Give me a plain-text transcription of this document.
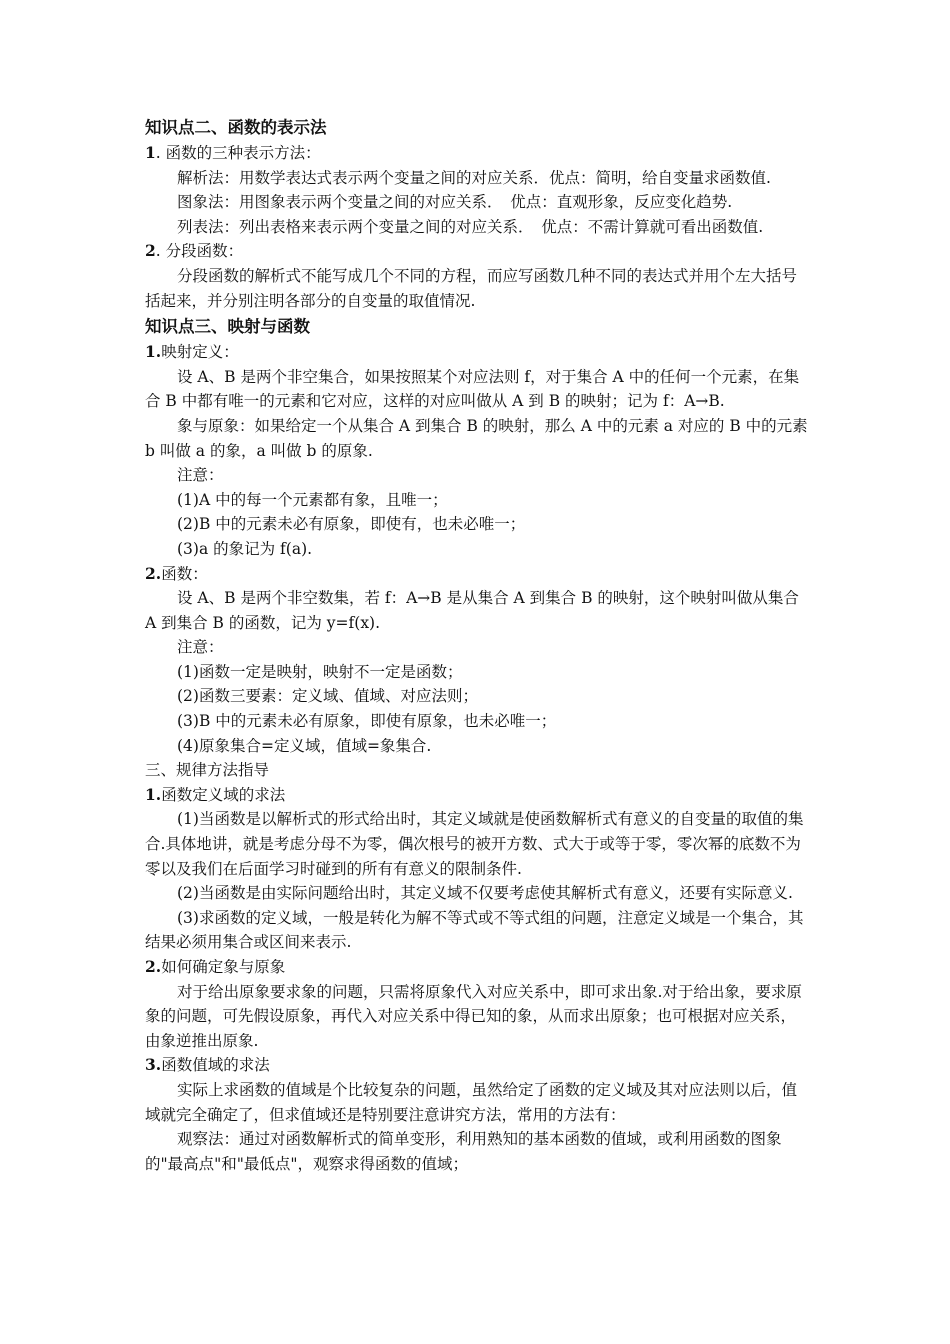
知识点二、函数的表示法

1. 函数的三种表示方法：

解析法：用数学表达式表示两个变量之间的对应关系．优点：简明，给自变量求函数值.

图象法：用图象表示两个变量之间的对应关系．　优点：直观形象，反应变化趋势.

列表法：列出表格来表示两个变量之间的对应关系．　优点：不需计算就可看出函数值.

2. 分段函数：

分段函数的解析式不能写成几个不同的方程，而应写函数几种不同的表达式并用个左大括号括起来，并分别注明各部分的自变量的取值情况.

知识点三、映射与函数

1.映射定义：

设 A、B 是两个非空集合，如果按照某个对应法则 f，对于集合 A 中的任何一个元素，在集合 B 中都有唯一的元素和它对应，这样的对应叫做从 A 到 B 的映射；记为 f：A→B.

象与原象：如果给定一个从集合 A 到集合 B 的映射，那么 A 中的元素 a 对应的 B 中的元素 b 叫做 a 的象，a 叫做 b 的原象.

注意：

(1)A 中的每一个元素都有象，且唯一；

(2)B 中的元素未必有原象，即使有，也未必唯一；

(3)a 的象记为 f(a).

2.函数：

设 A、B 是两个非空数集，若 f：A→B 是从集合 A 到集合 B 的映射，这个映射叫做从集合 A 到集合 B 的函数，记为 y=f(x).

注意：

(1)函数一定是映射，映射不一定是函数；

(2)函数三要素：定义域、值域、对应法则；

(3)B 中的元素未必有原象，即使有原象，也未必唯一；

(4)原象集合=定义域，值域=象集合.

三、规律方法指导

1.函数定义域的求法

(1)当函数是以解析式的形式给出时，其定义域就是使函数解析式有意义的自变量的取值的集合.具体地讲，就是考虑分母不为零，偶次根号的被开方数、式大于或等于零，零次幂的底数不为零以及我们在后面学习时碰到的所有有意义的限制条件.

(2)当函数是由实际问题给出时，其定义域不仅要考虑使其解析式有意义，还要有实际意义.

(3)求函数的定义域，一般是转化为解不等式或不等式组的问题，注意定义域是一个集合，其结果必须用集合或区间来表示.

2.如何确定象与原象

对于给出原象要求象的问题，只需将原象代入对应关系中，即可求出象.对于给出象，要求原象的问题，可先假设原象，再代入对应关系中得已知的象，从而求出原象；也可根据对应关系，由象逆推出原象.

3.函数值域的求法

实际上求函数的值域是个比较复杂的问题，虽然给定了函数的定义域及其对应法则以后，值域就完全确定了，但求值域还是特别要注意讲究方法，常用的方法有：

观察法：通过对函数解析式的简单变形，利用熟知的基本函数的值域，或利用函数的图象的"最高点"和"最低点"，观察求得函数的值域；
